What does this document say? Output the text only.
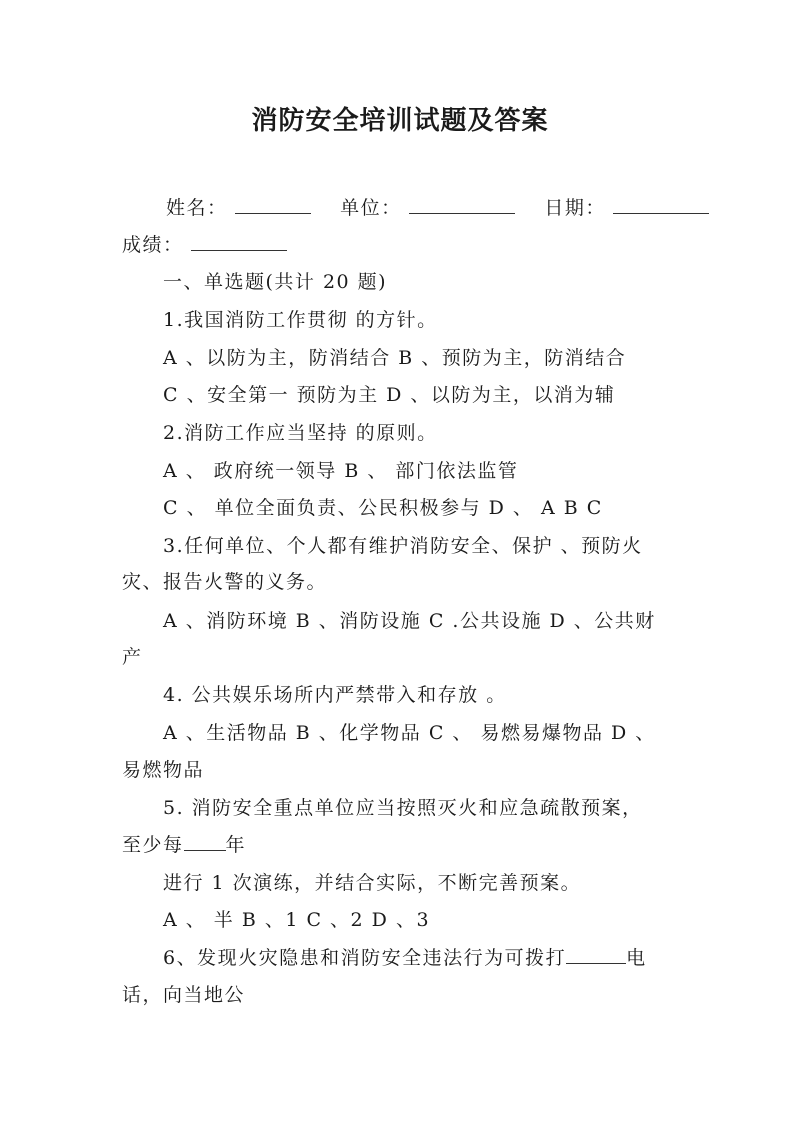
消防安全培训试题及答案
姓名：	单位：	日期：
成绩：
一、单选题(共计 20 题)
1.我国消防工作贯彻 的方针。
A 、以防为主，防消结合 B 、预防为主，防消结合
C 、安全第一 预防为主 D 、以防为主，以消为辅
2.消防工作应当坚持 的原则。
A 、 政府统一领导 B 、 部门依法监管
C 、 单位全面负责、公民积极参与 D 、 A B C
3.任何单位、个人都有维护消防安全、保护 、预防火
灾、报告火警的义务。
A 、消防环境 B 、消防设施 C .公共设施 D 、公共财
产
4. 公共娱乐场所内严禁带入和存放 。
A 、生活物品 B 、化学物品 C 、 易燃易爆物品 D 、
易燃物品
5. 消防安全重点单位应当按照灭火和应急疏散预案，
至少每 年
进行 1 次演练，并结合实际，不断完善预案。
A 、 半 B 、1 C 、2 D 、3
6、发现火灾隐患和消防安全违法行为可拨打	电
话，向当地公
